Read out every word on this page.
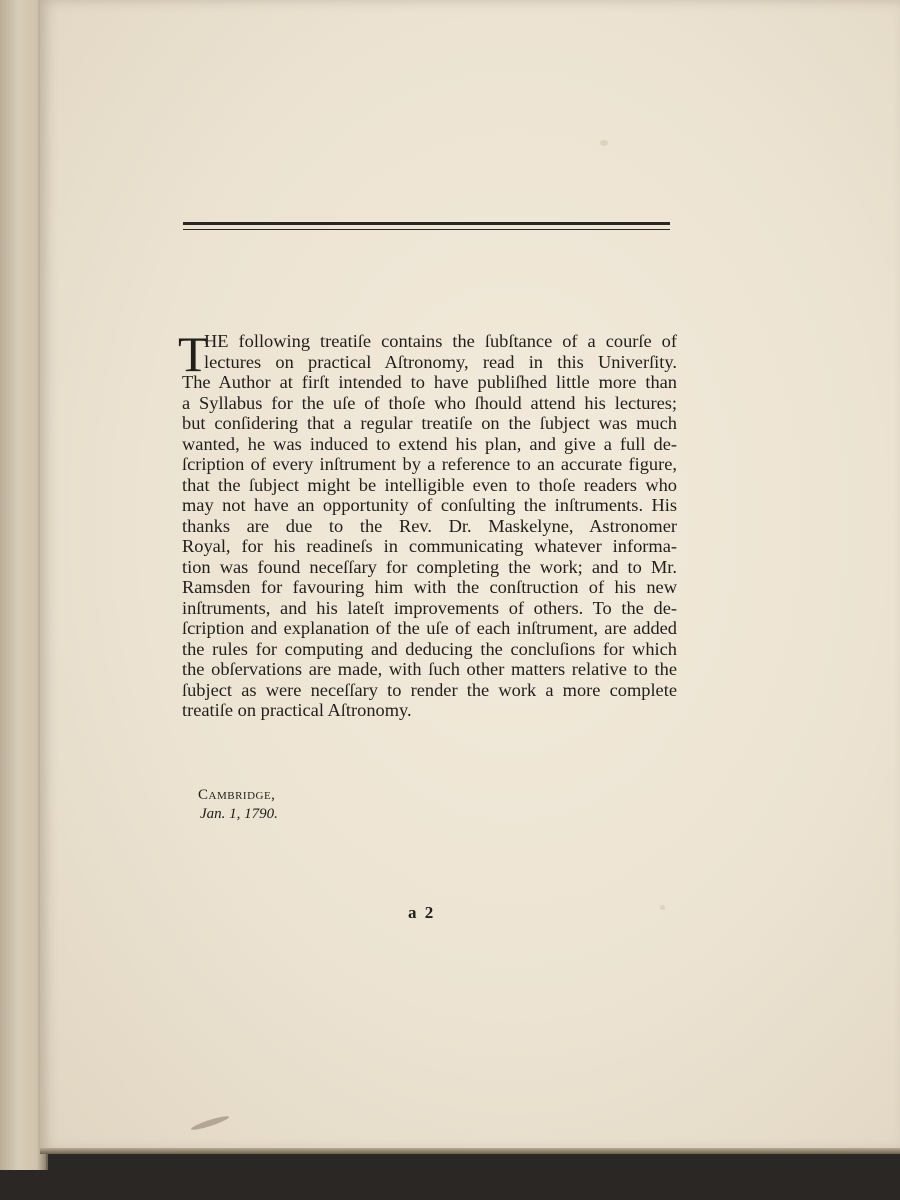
T
HE following treatiſe contains the ſubſtance of a courſe of
lectures on practical Aſtronomy, read in this Univerſity.
The Author at firſt intended to have publiſhed little more than
a Syllabus for the uſe of thoſe who ſhould attend his lectures;
but conſidering that a regular treatiſe on the ſubject was much
wanted, he was induced to extend his plan, and give a full de-
ſcription of every inſtrument by a reference to an accurate figure,
that the ſubject might be intelligible even to thoſe readers who
may not have an opportunity of conſulting the inſtruments. His
thanks are due to the Rev. Dr. Maskelyne, Astronomer
Royal, for his readineſs in communicating whatever informa-
tion was found neceſſary for completing the work; and to Mr.
Ramsden for favouring him with the conſtruction of his new
inſtruments, and his lateſt improvements of others. To the de-
ſcription and explanation of the uſe of each inſtrument, are added
the rules for computing and deducing the concluſions for which
the obſervations are made, with ſuch other matters relative to the
ſubject as were neceſſary to render the work a more complete
treatiſe on practical Aſtronomy.
Cambridge,
Jan. 1, 1790.
a 2
